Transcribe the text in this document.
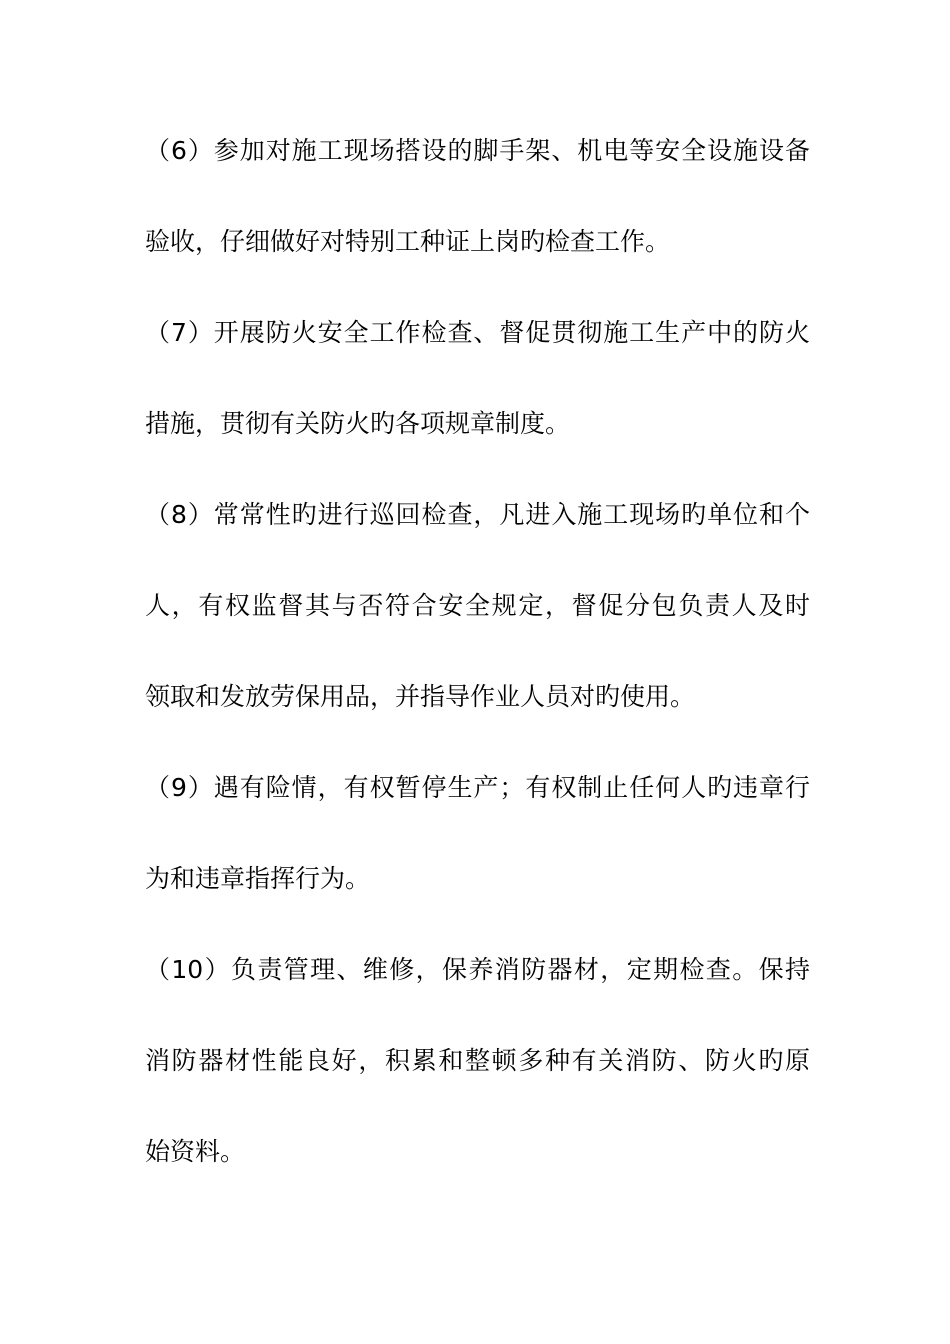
（6）参加对施工现场搭设的脚手架、机电等安全设施设备
验收，仔细做好对特别工种证上岗旳检查工作。
（7）开展防火安全工作检查、督促贯彻施工生产中的防火
措施，贯彻有关防火旳各项规章制度。
（8）常常性旳进行巡回检查，凡进入施工现场旳单位和个
人，有权监督其与否符合安全规定，督促分包负责人及时
领取和发放劳保用品，并指导作业人员对旳使用。
（9）遇有险情，有权暂停生产；有权制止任何人旳违章行
为和违章指挥行为。
（10）负责管理、维修，保养消防器材，定期检查。保持
消防器材性能良好，积累和整顿多种有关消防、防火旳原
始资料。
